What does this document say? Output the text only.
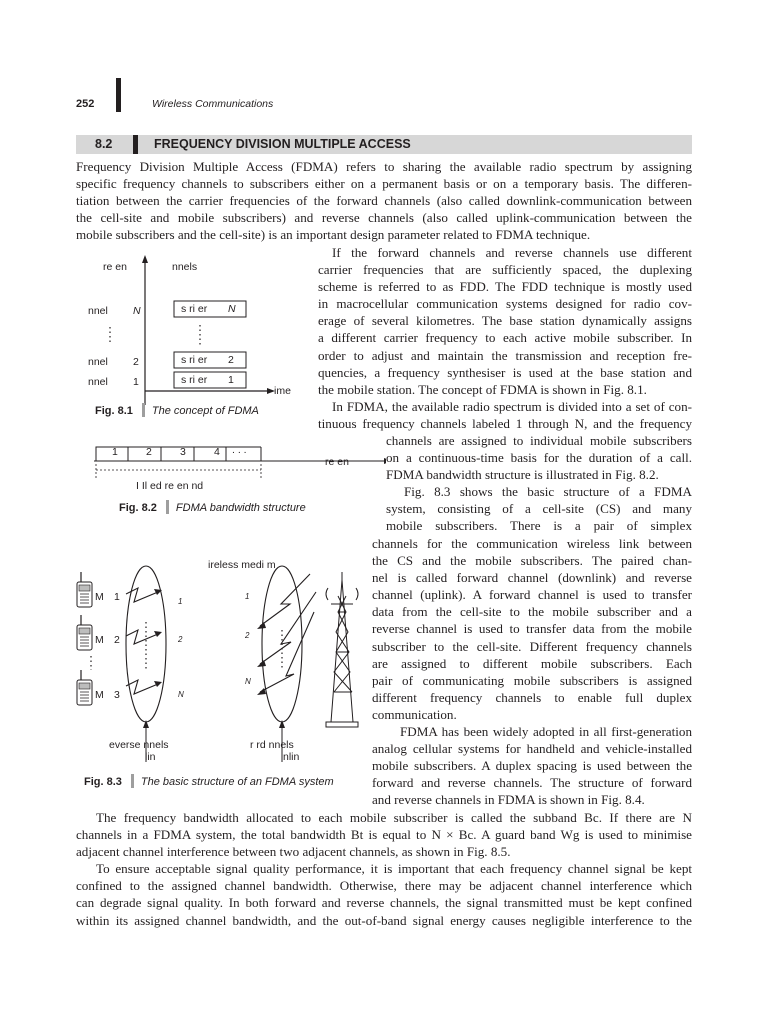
252	Wireless Communications
8.2	FREQUENCY DIVISION MULTIPLE ACCESS
Frequency Division Multiple Access (FDMA) refers to sharing the available radio spectrum by assigning
specific frequency channels to subscribers either on a permanent basis or on a temporary basis. The differen-
tiation between the carrier frequencies of the forward channels (also called downlink-communication between
the cell-site and mobile subscribers) and reverse channels (also called uplink-communication between the
mobile subscribers and the cell-site) is an important design parameter related to FDMA technique.
If the forward channels and reverse channels use different
carrier frequencies that are sufficiently spaced, the duplexing
scheme is referred to as FDD. The FDD technique is mostly used
in macrocellular communication systems designed for radio cov-
erage of several kilometres. The base station dynamically assigns
a different carrier frequency to each active mobile subscriber. In
order to adjust and maintain the transmission and reception fre-
quencies, a frequency synthesiser is used at the base station and
the mobile station. The concept of FDMA is shown in Fig. 8.1.
In FDMA, the available radio spectrum is divided into a set of con-
tinuous frequency channels labeled 1 through N, and the frequency
channels are assigned to individual mobile subscribers
on a continuous-time basis for the duration of a call.
FDMA bandwidth structure is illustrated in Fig. 8.2.
Fig. 8.3 shows the basic structure of a FDMA
system, consisting of a cell-site (CS) and many
mobile subscribers. There is a pair of simplex
channels for the communication wireless link between
the CS and the mobile subscribers. The paired chan-
nel is called forward channel (downlink) and reverse
channel (uplink). A forward channel is used to transfer
data from the cell-site to the mobile subscriber and a
reverse channel is used to transfer data from the mobile
subscriber to the cell-site. Different frequency channels
are assigned to different mobile subscribers. Each
pair of communicating mobile subscribers is assigned
different frequency channels to enable full duplex
communication.
FDMA has been widely adopted in all first-generation
analog cellular systems for handheld and vehicle-installed
mobile subscribers. A duplex spacing is used between the
forward and reverse channels. The structure of forward
and reverse channels in FDMA is shown in Fig. 8.4.
The frequency bandwidth allocated to each mobile subscriber is called the subband Bc. If there are N
channels in a FDMA system, the total bandwidth Bt is equal to N × Bc. A guard band Wg is used to minimise
adjacent channel interference between two adjacent channels, as shown in Fig. 8.5.
To ensure acceptable signal quality performance, it is important that each frequency channel signal be kept
confined to the assigned channel bandwidth. Otherwise, there may be adjacent channel interference which
can degrade signal quality. In both forward and reverse channels, the signal transmitted must be kept confined
within its assigned channel bandwidth, and the out-of-band signal energy causes negligible interference to the
re en	nnels
nnel N	s ri er N
nnel 2	s ri er 2
nnel 1	s ri er 1
ime
Fig. 8.1 The concept of FDMA
1	2	3	4 . . .
re en
I Il ed re en nd
Fig. 8.2 FDMA bandwidth structure
ireless medi m
M 1
M 2
M 3
1
2
N
1
2
N
everse nnels
lin
r rd nnels
nlin
Fig. 8.3 The basic structure of an FDMA system
